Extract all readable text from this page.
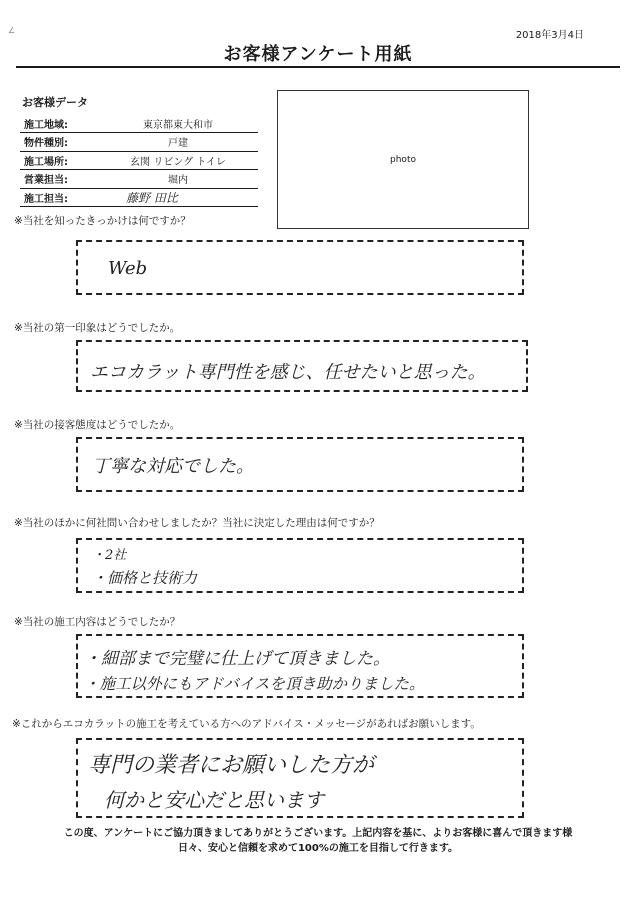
∠	2018年3月4日
お客様アンケート用紙
お客様データ
施工地域:	東京都東大和市
物件種別:	戸建
施工場所:	玄関 リビング トイレ
営業担当:	堀内
施工担当:	藤野 田比
photo
※当社を知ったきっかけは何ですか？
Web
※当社の第一印象はどうでしたか。
エコカラット専門性を感じ、任せたいと思った。
※当社の接客態度はどうでしたか。
丁寧な対応でした。
※当社のほかに何社問い合わせしましたか？当社に決定した理由は何ですか？
・2社
・価格と技術力
※当社の施工内容はどうでしたか？
・細部まで完璧に仕上げて頂きました。
・施工以外にもアドバイスを頂き助かりました。
※これからエコカラットの施工を考えている方へのアドバイス・メッセージがあればお願いします。
専門の業者にお願いした方が
何かと安心だと思います
この度、アンケートにご協力頂きましてありがとうございます。上記内容を基に、よりお客様に喜んで頂きます様
日々、安心と信頼を求めて100%の施工を目指して行きます。
